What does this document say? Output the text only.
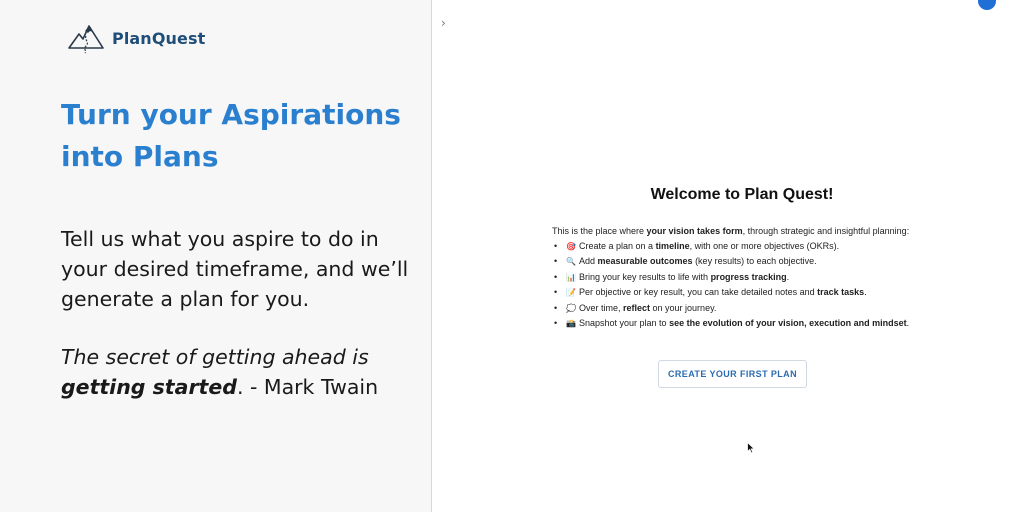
PlanQuest
Turn your Aspirations into Plans
Tell us what you aspire to do in your desired timeframe, and we’ll generate a plan for you.
The secret of getting ahead is getting started. - Mark Twain
›
Welcome to Plan Quest!

This is the place where your vision takes form, through strategic and insightful planning:

• 🎯 Create a plan on a timeline, with one or more objectives (OKRs).
• 🔍 Add measurable outcomes (key results) to each objective.
• 📊 Bring your key results to life with progress tracking.
• 📝 Per objective or key result, you can take detailed notes and track tasks.
• 💭 Over time, reflect on your journey.
• 📸 Snapshot your plan to see the evolution of your vision, execution and mindset.
CREATE YOUR FIRST PLAN
